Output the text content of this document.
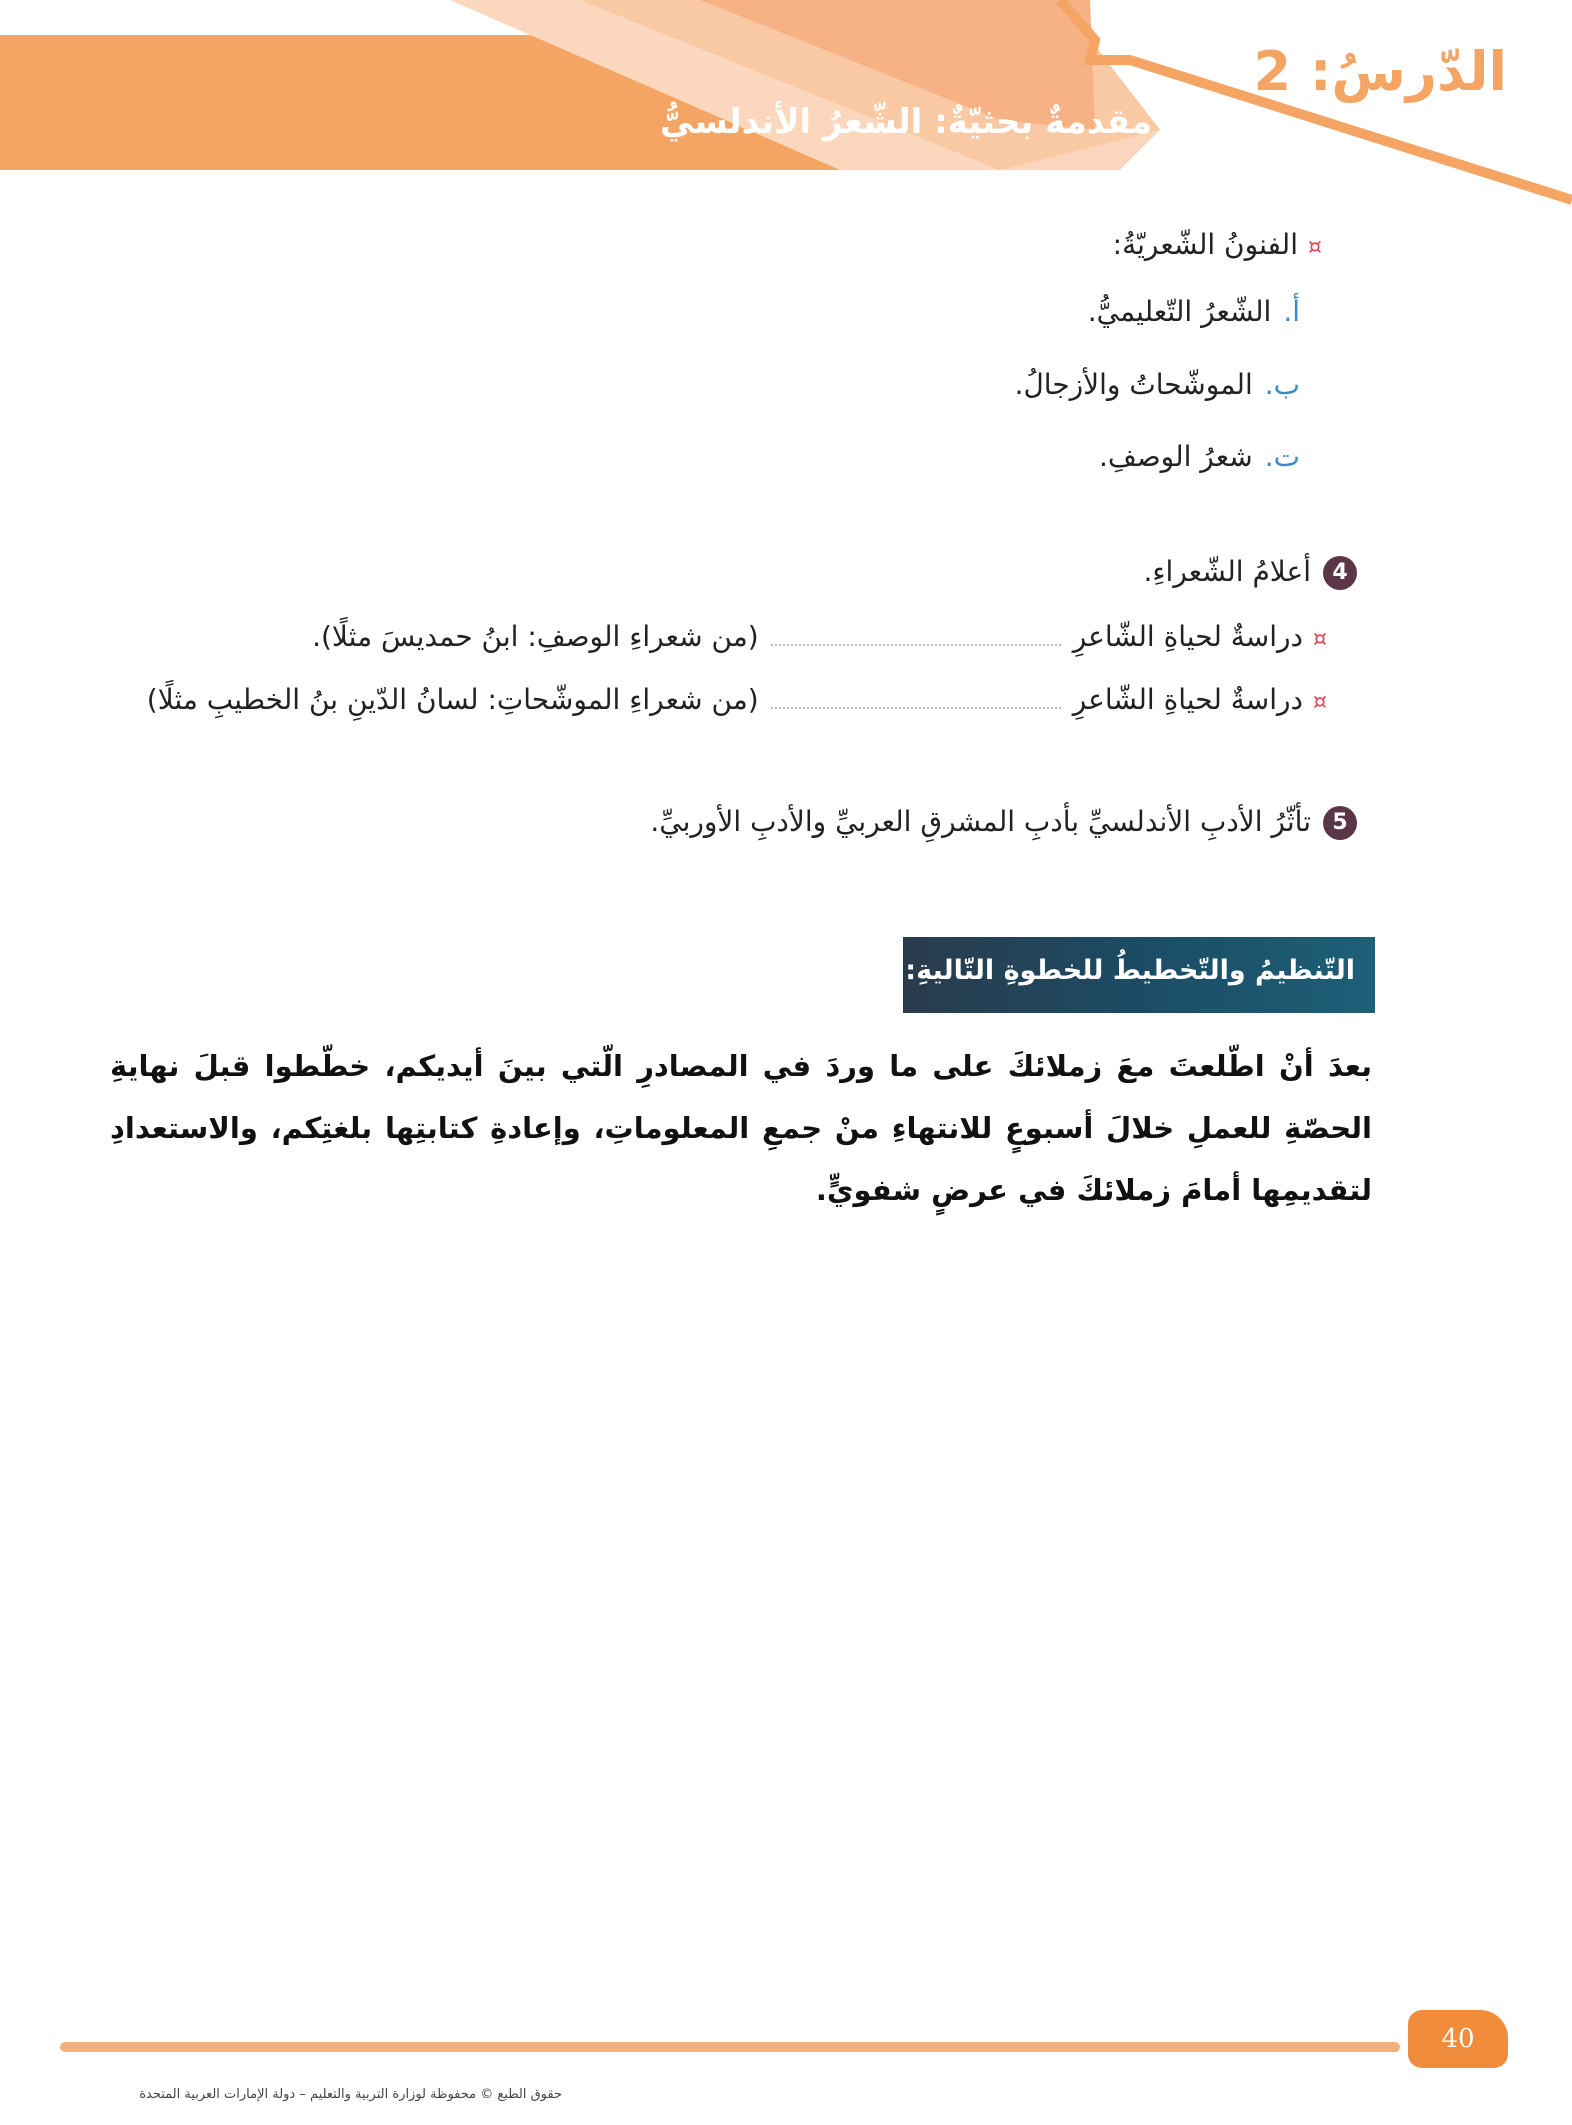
الدّرسُ: 2
مقدمةٌ بحثيّةٌ: الشّعرُ الأندلسيُّ
¤الفنونُ الشّعريّةُ:
أ.الشّعرُ التّعليميُّ.
ب.الموشّحاتُ والأزجالُ.
ت.شعرُ الوصفِ.
4أعلامُ الشّعراءِ.
¤دراسةٌ لحياةِ الشّاعرِ(من شعراءِ الوصفِ: ابنُ حمديسَ مثلًا).
¤دراسةٌ لحياةِ الشّاعرِ(من شعراءِ الموشّحاتِ: لسانُ الدّينِ بنُ الخطيبِ مثلًا)
5تأثّرُ الأدبِ الأندلسيِّ بأدبِ المشرقِ العربيِّ والأدبِ الأوربيِّ.
التّنظيمُ والتّخطيطُ للخطوةِ التّاليةِ:
بعدَ أنْ اطّلعتَ معَ زملائكَ على ما وردَ في المصادرِ الّتي بينَ أيديكم، خطّطوا قبلَ نهايةِ الحصّةِ للعملِ خلالَ أسبوعٍ للانتهاءِ منْ جمعِ المعلوماتِ، وإعادةِ كتابتِها بلغتِكم، والاستعدادِ لتقديمِها أمامَ زملائكَ في عرضٍ شفويٍّ.
40
حقوق الطبع © محفوظة لوزارة التربية والتعليم – دولة الإمارات العربية المتحدة
